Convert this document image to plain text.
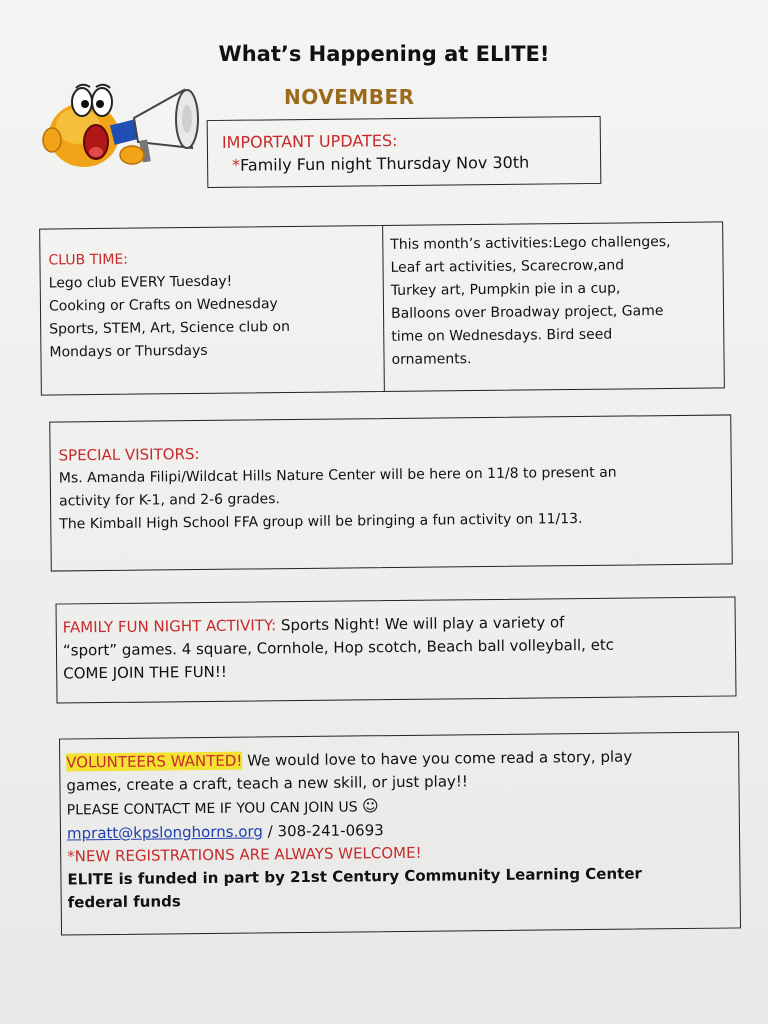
What’s Happening at ELITE!
NOVEMBER

IMPORTANT UPDATES:

*Family Fun night Thursday Nov 30th

CLUB TIME:

Lego club EVERY Tuesday!

Cooking or Crafts on Wednesday

Sports, STEM, Art, Science club on

Mondays or Thursdays

This month’s activities:Lego challenges,

Leaf art activities, Scarecrow,and

Turkey art, Pumpkin pie in a cup,

Balloons over Broadway project, Game

time on Wednesdays. Bird seed

ornaments.

SPECIAL VISITORS:

Ms. Amanda Filipi/Wildcat Hills Nature Center will be here on 11/8 to present an

activity for K-1, and 2-6 grades.

The Kimball High School FFA group will be bringing a fun activity on 11/13.

FAMILY FUN NIGHT ACTIVITY: Sports Night! We will play a variety of

“sport” games. 4 square, Cornhole, Hop scotch, Beach ball volleyball, etc

COME JOIN THE FUN!!

VOLUNTEERS WANTED! We would love to have you come read a story, play

games, create a craft, teach a new skill, or just play!!

PLEASE CONTACT ME IF YOU CAN JOIN US ☺

mpratt@kpslonghorns.org / 308-241-0693

*NEW REGISTRATIONS ARE ALWAYS WELCOME!

ELITE is funded in part by 21st Century Community Learning Center

federal funds
